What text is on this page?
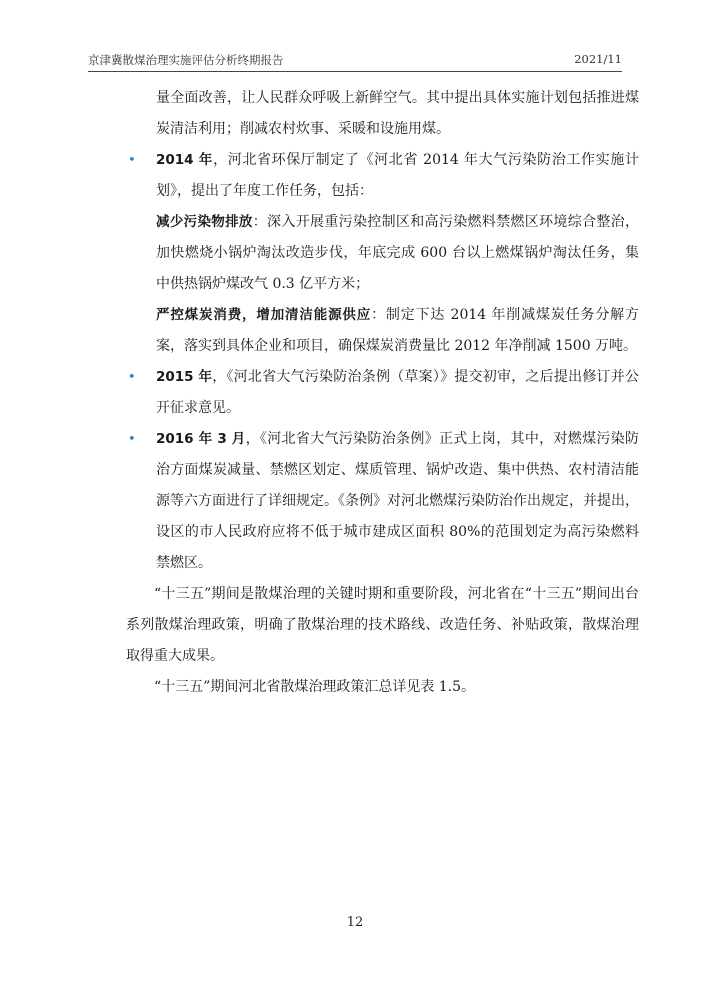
京津冀散煤治理实施评估分析终期报告	2021/11

量全面改善，让人民群众呼吸上新鲜空气。其中提出具体实施计划包括推进煤炭清洁利用；削减农村炊事、采暖和设施用煤。

• 2014 年，河北省环保厅制定了《河北省 2014 年大气污染防治工作实施计划》，提出了年度工作任务，包括：

减少污染物排放：深入开展重污染控制区和高污染燃料禁燃区环境综合整治，加快燃烧小锅炉淘汰改造步伐，年底完成 600 台以上燃煤锅炉淘汰任务，集中供热锅炉煤改气 0.3 亿平方米；

严控煤炭消费，增加清洁能源供应：制定下达 2014 年削减煤炭任务分解方案，落实到具体企业和项目，确保煤炭消费量比 2012 年净削减 1500 万吨。

• 2015 年，《河北省大气污染防治条例（草案）》提交初审，之后提出修订并公开征求意见。

• 2016 年 3 月，《河北省大气污染防治条例》正式上岗，其中，对燃煤污染防治方面煤炭减量、禁燃区划定、煤质管理、锅炉改造、集中供热、农村清洁能源等六方面进行了详细规定。《条例》对河北燃煤污染防治作出规定，并提出，设区的市人民政府应将不低于城市建成区面积 80%的范围划定为高污染燃料禁燃区。

“十三五”期间是散煤治理的关键时期和重要阶段，河北省在“十三五”期间出台系列散煤治理政策，明确了散煤治理的技术路线、改造任务、补贴政策，散煤治理取得重大成果。

“十三五”期间河北省散煤治理政策汇总详见表 1.5。

12
